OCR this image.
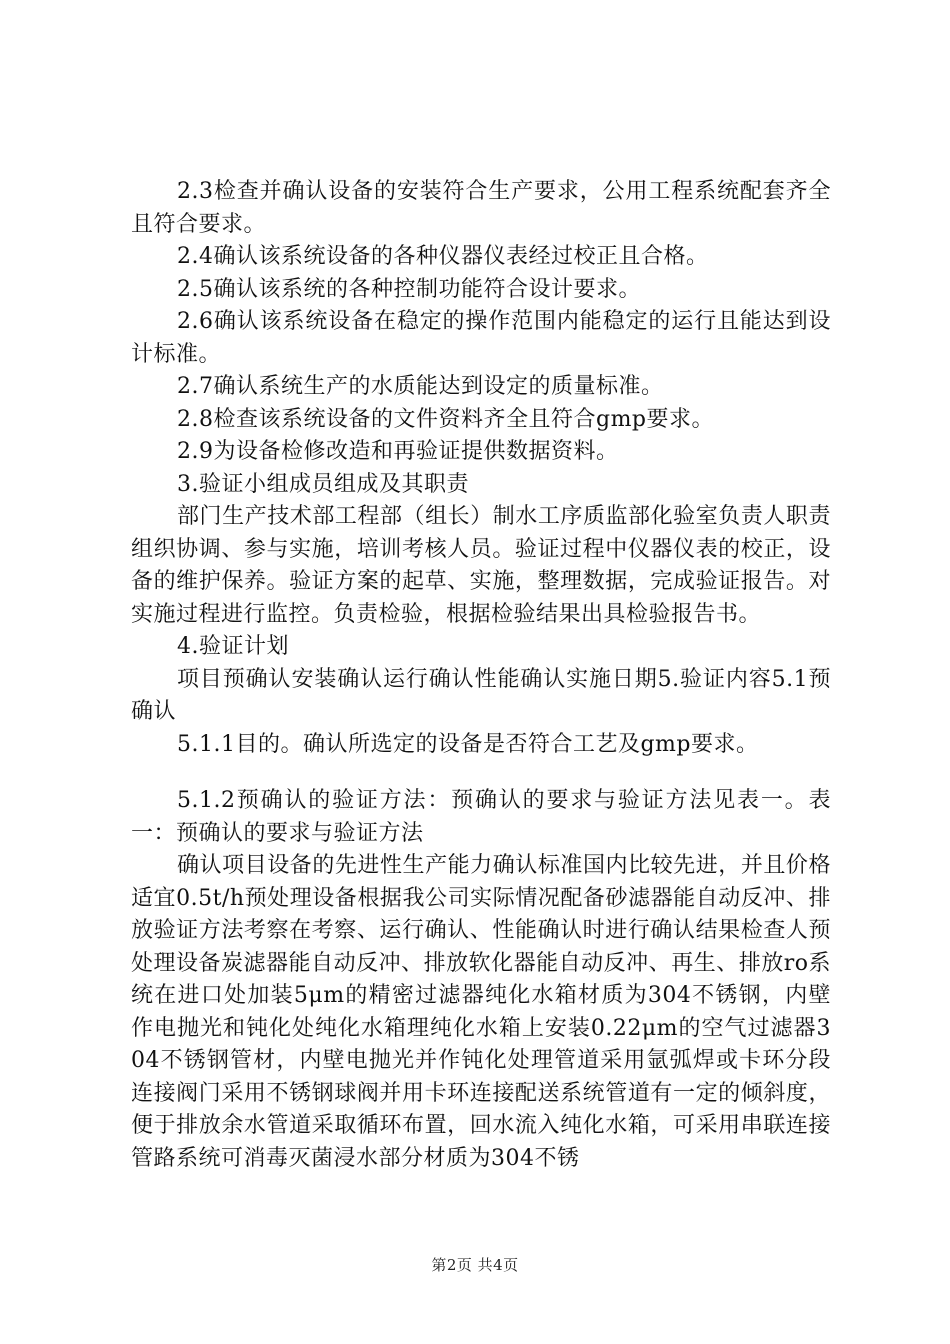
2.3检查并确认设备的安装符合生产要求，公用工程系统配套齐全且符合要求。

2.4确认该系统设备的各种仪器仪表经过校正且合格。

2.5确认该系统的各种控制功能符合设计要求。

2.6确认该系统设备在稳定的操作范围内能稳定的运行且能达到设计标准。

2.7确认系统生产的水质能达到设定的质量标准。

2.8检查该系统设备的文件资料齐全且符合gmp要求。

2.9为设备检修改造和再验证提供数据资料。

3.验证小组成员组成及其职责

部门生产技术部工程部（组长）制水工序质监部化验室负责人职责组织协调、参与实施，培训考核人员。验证过程中仪器仪表的校正，设备的维护保养。验证方案的起草、实施，整理数据，完成验证报告。对实施过程进行监控。负责检验，根据检验结果出具检验报告书。

4.验证计划

项目预确认安装确认运行确认性能确认实施日期5.验证内容5.1预确认

5.1.1目的。确认所选定的设备是否符合工艺及gmp要求。

5.1.2预确认的验证方法：预确认的要求与验证方法见表一。表一：预确认的要求与验证方法

确认项目设备的先进性生产能力确认标准国内比较先进，并且价格适宜0.5t/h预处理设备根据我公司实际情况配备砂滤器能自动反冲、排放验证方法考察在考察、运行确认、性能确认时进行确认结果检查人预处理设备炭滤器能自动反冲、排放软化器能自动反冲、再生、排放ro系统在进口处加装5μm的精密过滤器纯化水箱材质为304不锈钢，内壁作电抛光和钝化处纯化水箱理纯化水箱上安装0.22μm的空气过滤器304不锈钢管材，内壁电抛光并作钝化处理管道采用氩弧焊或卡环分段连接阀门采用不锈钢球阀并用卡环连接配送系统管道有一定的倾斜度，便于排放余水管道采取循环布置，回水流入纯化水箱，可采用串联连接管路系统可消毒灭菌浸水部分材质为304不锈

第2页 共4页
